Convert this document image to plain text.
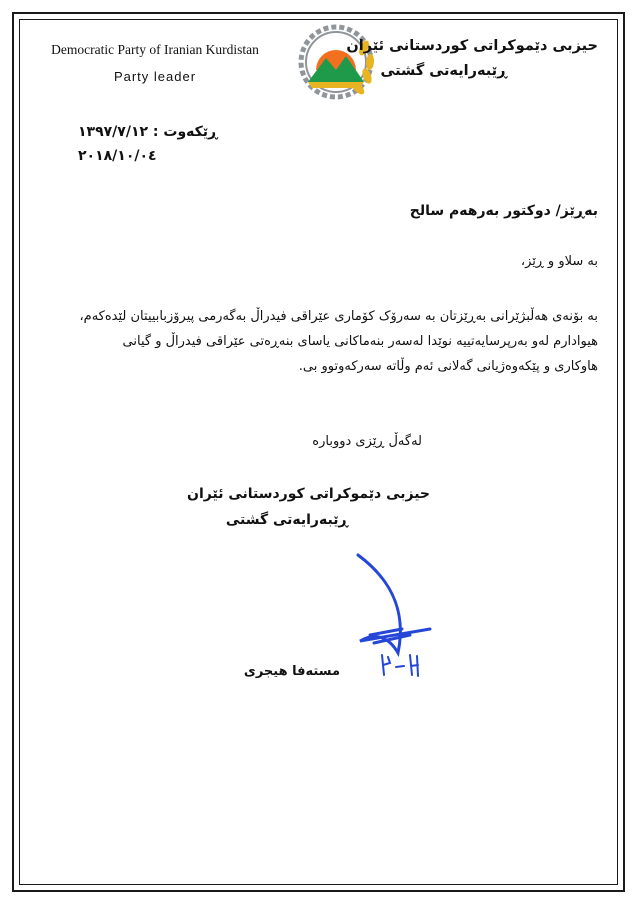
Democratic Party of Iranian Kurdistan
Party leader
حیزبی دێموکراتی کوردستانی ئێران
ڕێبەرایەتی گشتی
ڕێکەوت : ۱۳۹۷/۷/۱۲
۲۰۱۸/۱۰/۰٤
بەڕێز/ دوکتور بەرهەم سالح
بە سلاو و ڕێز،
بە بۆنەی هەڵبژێرانی بەڕێزتان بە سەرۆک کۆماری عێراقی فیدراڵ بەگەرمی پیرۆزبابییتان لێدەکەم، هیوادارم لەو بەرپرسایەتییە نوێدا لەسەر بنەماکانی یاسای بنەڕەتی عێراقی فیدراڵ و گیانی هاوکاری و پێکەوەژیانی گەلانی ئەم وڵاتە سەرکەوتوو بی.
لەگەڵ ڕێزی دووبارە
حیزبی دێموکراتی کوردستانی ئێران
ڕێبەرایەتی گشتی
مستەفا هیجری
